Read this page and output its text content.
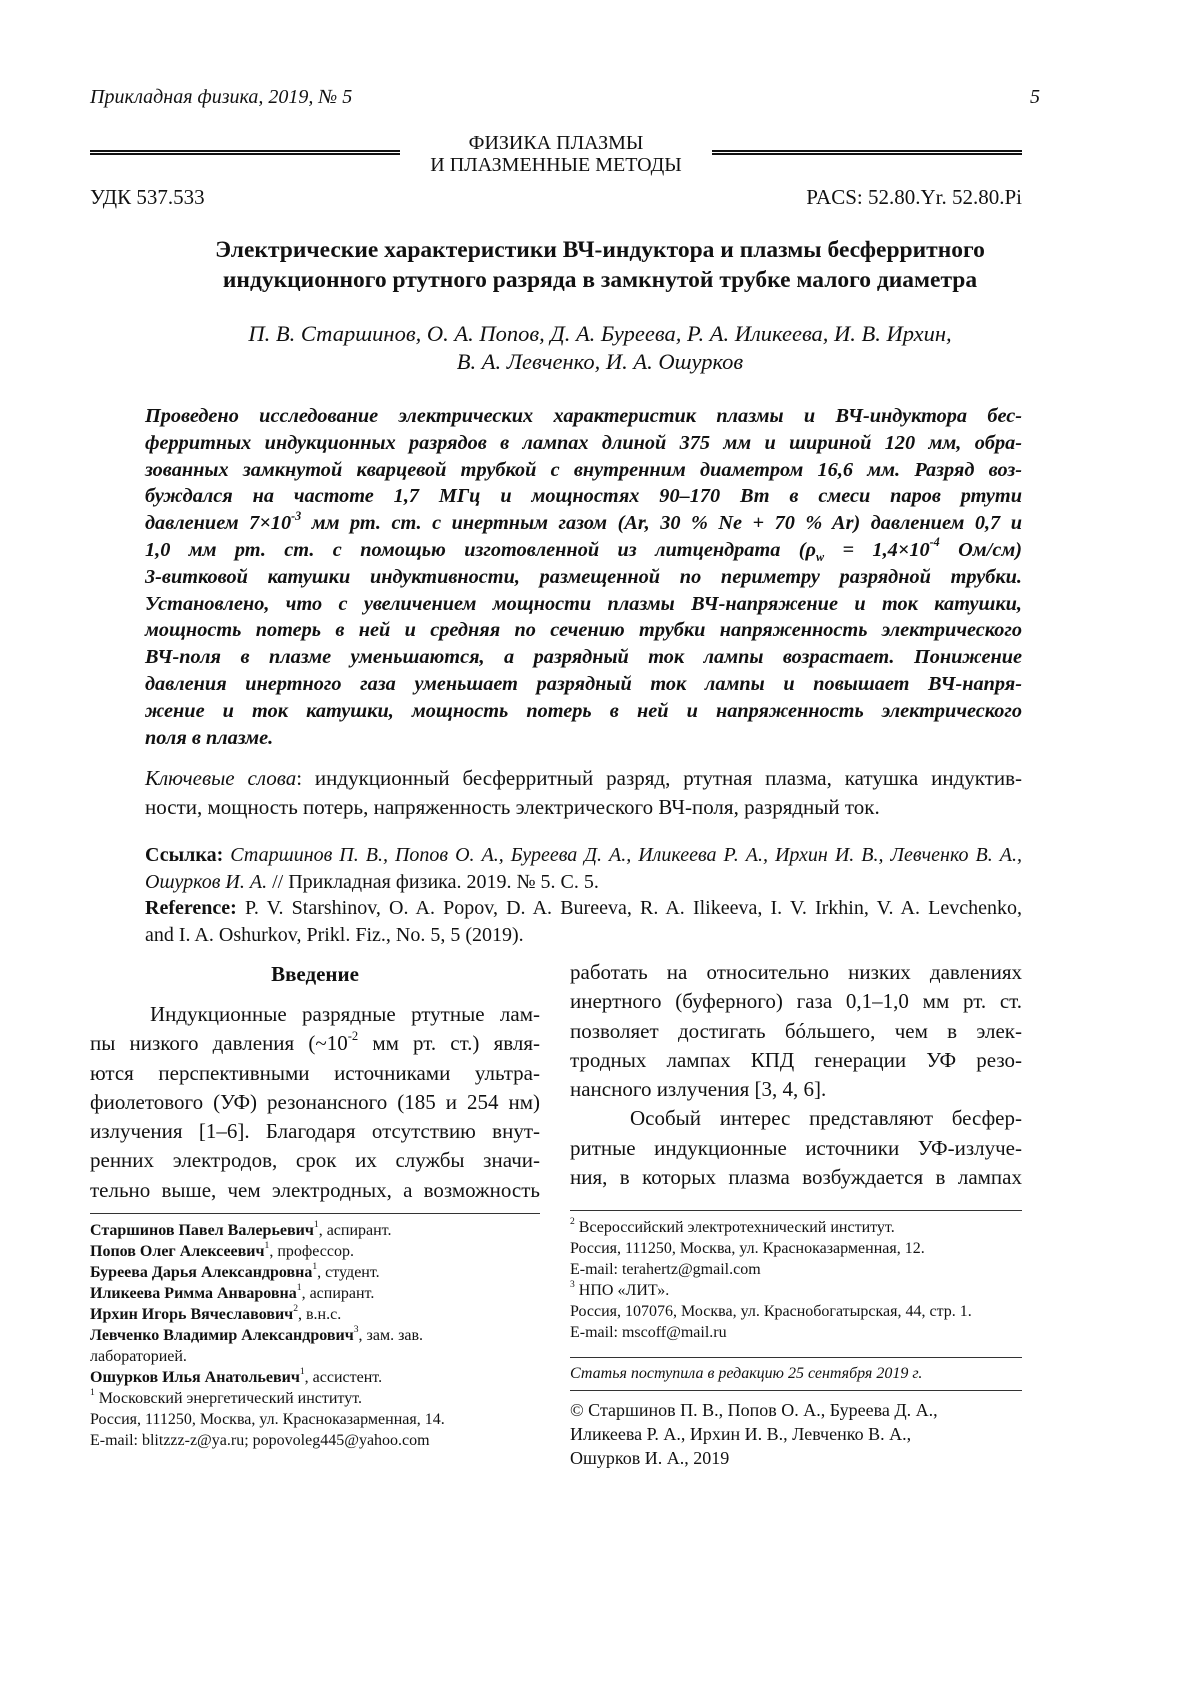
Прикладная физика, 2019, № 5	5
ФИЗИКА ПЛАЗМЫ
И ПЛАЗМЕННЫЕ МЕТОДЫ
УДК 537.533	PACS: 52.80.Yr. 52.80.Pi
Электрические характеристики ВЧ-индуктора и плазмы бесферритного
индукционного ртутного разряда в замкнутой трубке малого диаметра
П. В. Старшинов, О. А. Попов, Д. А. Буреева, Р. А. Иликеева, И. В. Ирхин,
В. А. Левченко, И. А. Ошурков
Проведено исследование электрических характеристик плазмы и ВЧ-индуктора бес-
ферритных индукционных разрядов в лампах длиной 375 мм и шириной 120 мм, обра-
зованных замкнутой кварцевой трубкой с внутренним диаметром 16,6 мм. Разряд воз-
буждался на частоте 1,7 МГц и мощностях 90–170 Вт в смеси паров ртути
давлением 7×10-3 мм рт. ст. с инертным газом (Ar, 30 % Ne + 70 % Ar) давлением 0,7 и
1,0 мм рт. ст. с помощью изготовленной из литцендрата (ρw = 1,4×10-4 Ом/см)
3-витковой катушки индуктивности, размещенной по периметру разрядной трубки.
Установлено, что с увеличением мощности плазмы ВЧ-напряжение и ток катушки,
мощность потерь в ней и средняя по сечению трубки напряженность электрического
ВЧ-поля в плазме уменьшаются, а разрядный ток лампы возрастает. Понижение
давления инертного газа уменьшает разрядный ток лампы и повышает ВЧ-напря-
жение и ток катушки, мощность потерь в ней и напряженность электрического
поля в плазме.
Ключевые слова: индукционный бесферритный разряд, ртутная плазма, катушка индуктив-
ности, мощность потерь, напряженность электрического ВЧ-поля, разрядный ток.
Ссылка: Старшинов П. В., Попов О. А., Буреева Д. А., Иликеева Р. А., Ирхин И. В., Левченко В. А.,
Ошурков И. А. // Прикладная физика. 2019. № 5. С. 5.
Reference: P. V. Starshinov, O. A. Popov, D. A. Bureeva, R. A. Ilikeeva, I. V. Irkhin, V. A. Levchenko,
and I. A. Oshurkov, Prikl. Fiz., No. 5, 5 (2019).
Введение
Индукционные разрядные ртутные лам-
пы низкого давления (~10-2 мм рт. ст.) явля-
ются перспективными источниками ультра-
фиолетового (УФ) резонансного (185 и 254 нм)
излучения [1–6]. Благодаря отсутствию внут-
ренних электродов, срок их службы значи-
тельно выше, чем электродных, а возможность
работать на относительно низких давлениях
инертного (буферного) газа 0,1–1,0 мм рт. ст.
позволяет достигать бóльшего, чем в элек-
тродных лампах КПД генерации УФ резо-
нансного излучения [3, 4, 6].
Особый интерес представляют бесфер-
ритные индукционные источники УФ-излуче-
ния, в которых плазма возбуждается в лампах

Старшинов Павел Валерьевич1, аспирант.

Попов Олег Алексеевич1, профессор.

Буреева Дарья Александровна1, студент.

Иликеева Римма Анваровна1, аспирант.

Ирхин Игорь Вячеславович2, в.н.с.

Левченко Владимир Александрович3, зам. зав.

лабораторией.

Ошурков Илья Анатольевич1, ассистент.

1 Московский энергетический институт.

Россия, 111250, Москва, ул. Красноказарменная, 14.

E-mail: blitzzz-z@ya.ru; popovoleg445@yahoo.com

2 Всероссийский электротехнический институт.

Россия, 111250, Москва, ул. Красноказарменная, 12.

E-mail: terahertz@gmail.com

3 НПО «ЛИТ».

Россия, 107076, Москва, ул. Краснобогатырская, 44, стр. 1.

E-mail: mscoff@mail.ru

Статья поступила в редакцию 25 сентября 2019 г.
© Старшинов П. В., Попов О. А., Буреева Д. А.,
Иликеева Р. А., Ирхин И. В., Левченко В. А.,
Ошурков И. А., 2019
